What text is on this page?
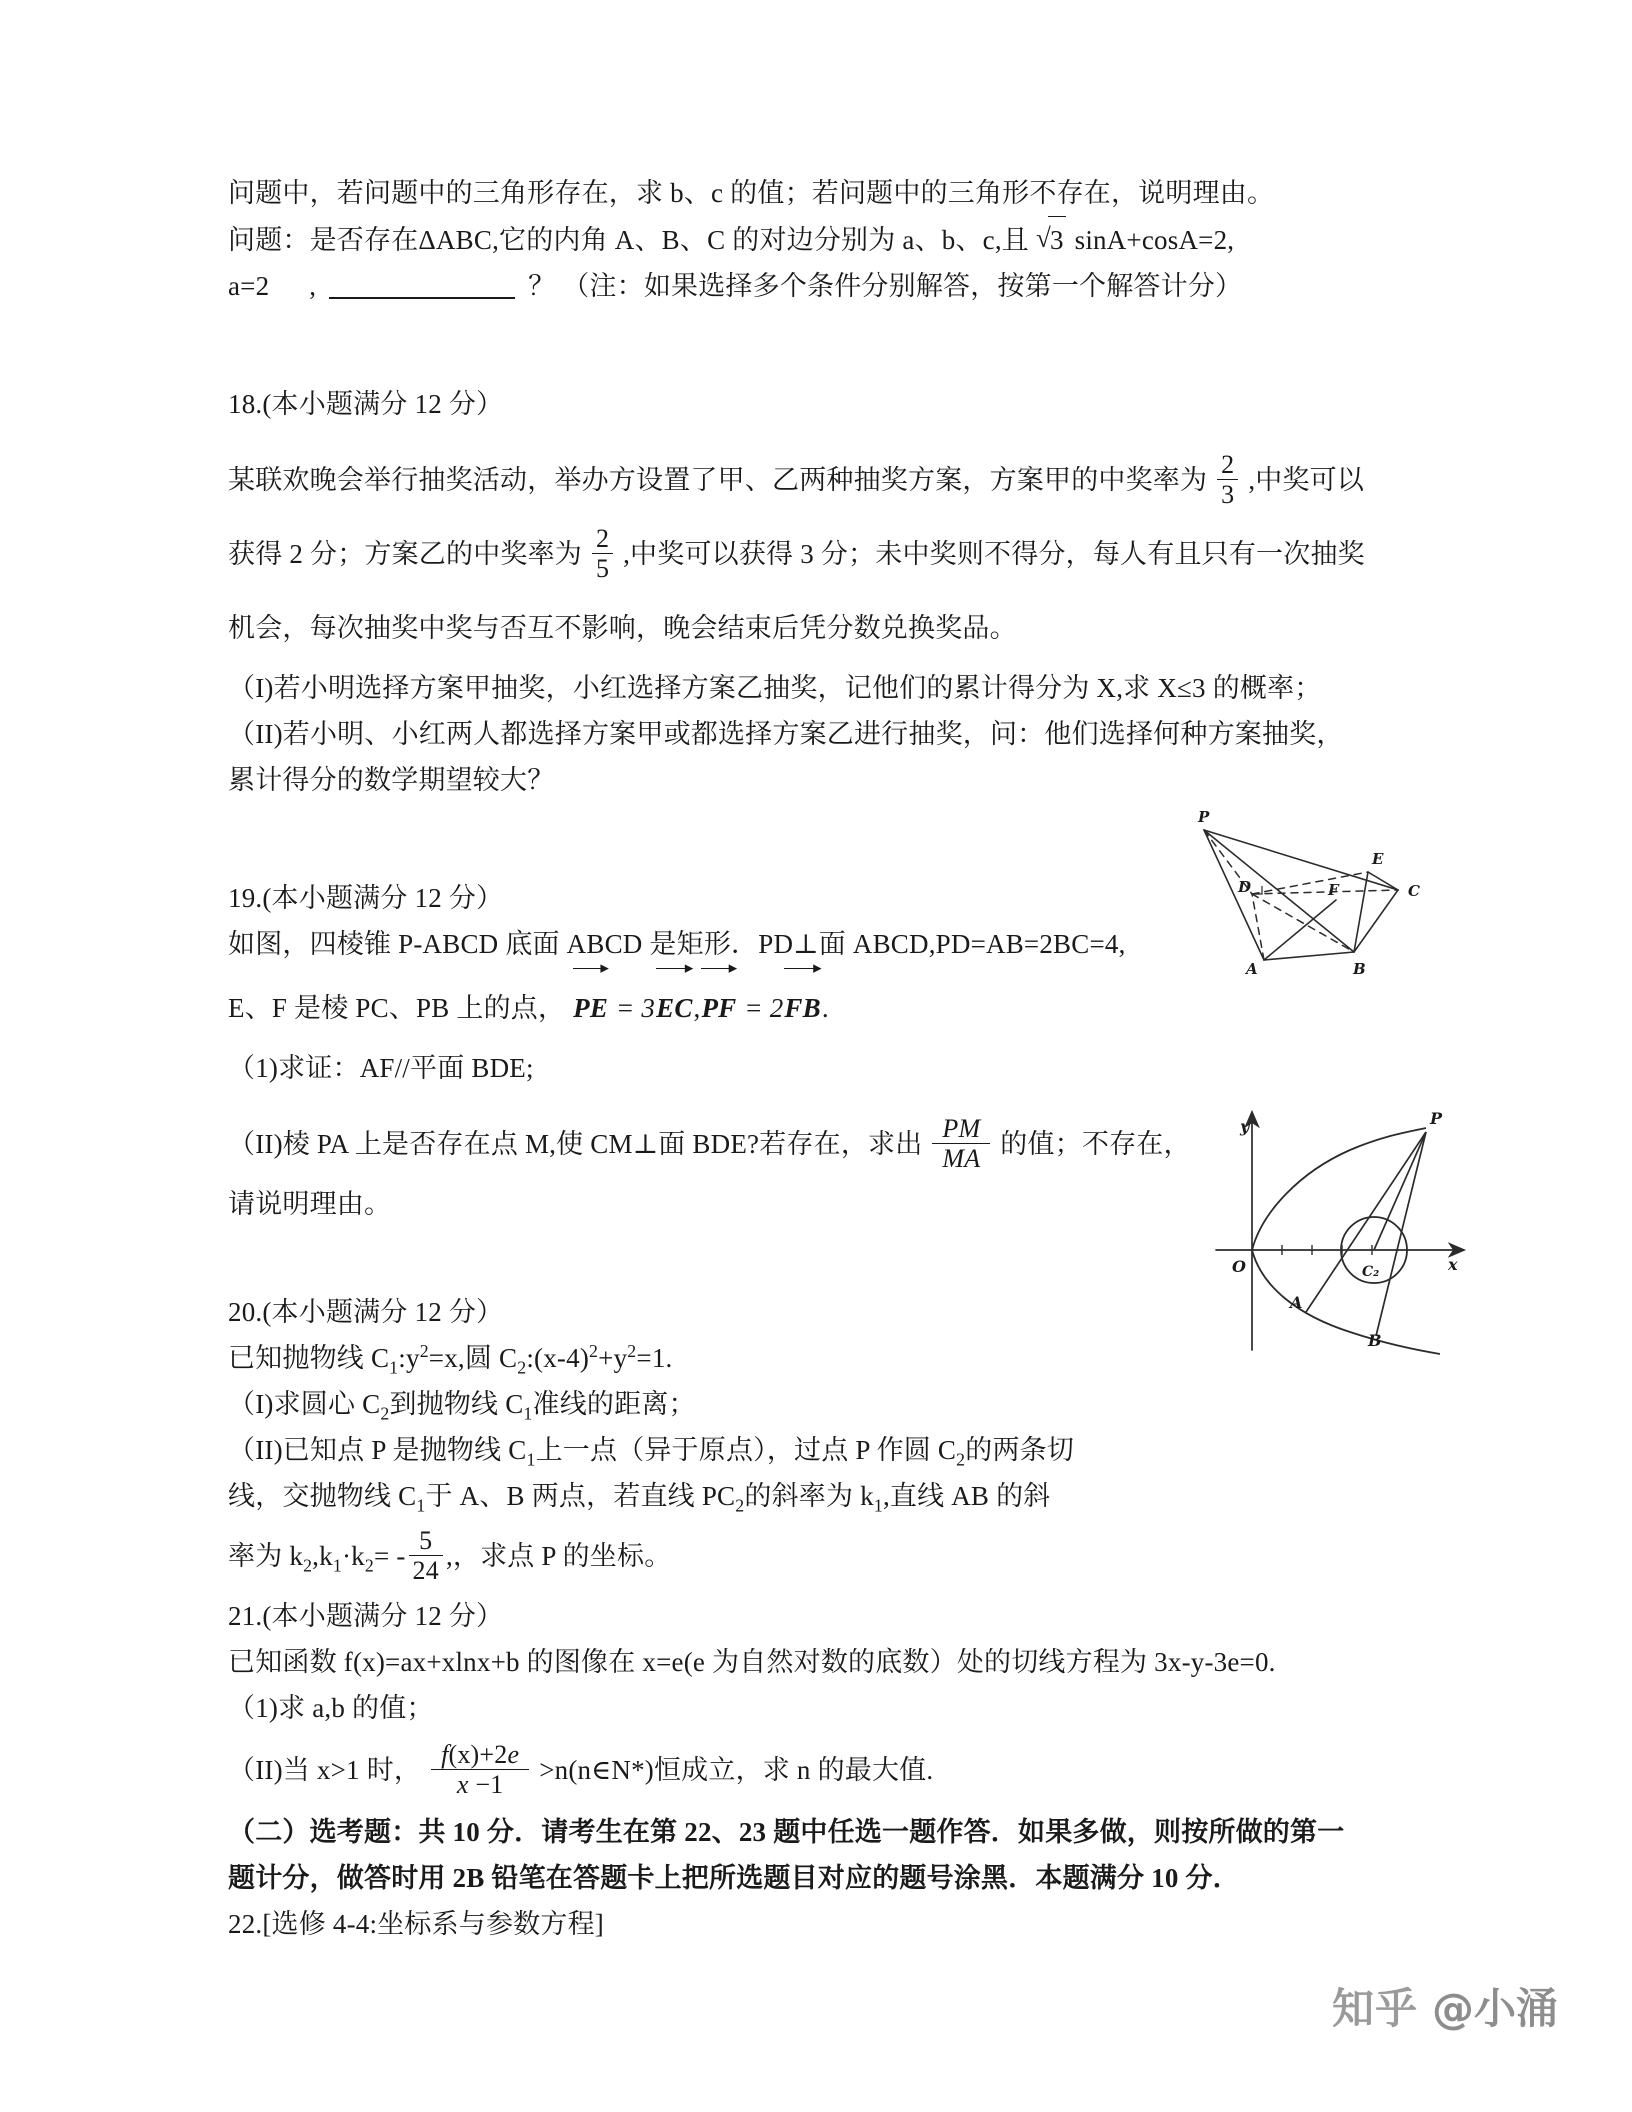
问题中，若问题中的三角形存在，求 b、c 的值；若问题中的三角形不存在，说明理由。
问题：是否存在ΔABC,它的内角 A、B、C 的对边分别为 a、b、c,且 √ 3 sinA+cosA=2,
a=2 ,	？ （注：如果选择多个条件分别解答，按第一个解答计分）
18.(本小题满分 12 分）
某联欢晚会举行抽奖活动，举办方设置了甲、乙两种抽奖方案，方案甲的中奖率为 $\frac{2}{3}$ ,中奖可以
获得 2 分；方案乙的中奖率为 $\frac{2}{5}$ ,中奖可以获得 3 分；未中奖则不得分，每人有且只有一次抽奖
机会，每次抽奖中奖与否互不影响，晚会结束后凭分数兑换奖品。
（I)若小明选择方案甲抽奖，小红选择方案乙抽奖，记他们的累计得分为 X,求 X≤3 的概率；
（II)若小明、小红两人都选择方案甲或都选择方案乙进行抽奖，问：他们选择何种方案抽奖，
累计得分的数学期望较大？
19.(本小题满分 12 分）
如图，四棱锥 P-ABCD 底面 ABCD 是矩形．PD⊥面 ABCD,PD=AB=2BC=4,
E、F 是棱 PC、PB 上的点， PE
▸
= 3EC
▸
,PF
▸
= 2FB
▸
.
（1)求证：AF//平面 BDE;
（II)棱 PA 上是否存在点 M,使 CM⊥面 BDE?若存在，求出 $\frac{PM}{MA}$ 的值；不存在，
请说明理由。
20.(本小题满分 12 分）
已知抛物线 $C_1:y^2=x$,圆 $C_2:(x-4)^2+y^2=1$.
（I)求圆心 $C_2$到抛物线 $C_1$准线的距离；
（II)已知点 P 是抛物线 $C_1$上一点（异于原点），过点 P 作圆 $C_2$的两条切
线，交抛物线 $C_1$于 A、B 两点，若直线 $PC_2$的斜率为 $k_1$,直线 AB 的斜
率为 $k_2,k_1\cdot k_2= - \frac{5}{24}$ ,，求点 P 的坐标。
21.(本小题满分 12 分）
已知函数 f(x)=ax+xlnx+b 的图像在 x=e(e 为自然对数的底数）处的切线方程为 3x-y-3e=0.
（1)求 a,b 的值；
（II)当 x>1 时， $\frac{f(x)+2e}{x -1}$ >n(n∈N*)恒成立，求 n 的最大值.
（二）选考题：共 10 分．请考生在第 22、23 题中任选一题作答．如果多做，则按所做的第一
题计分，做答时用 2B 铅笔在答题卡上把所选题目对应的题号涂黑．本题满分 10 分．
22.[选修 4-4:坐标系与参数方程]
P
A	B
C
D
E
F
y
x
O
P
A
B
C₂
知乎 @小涌
